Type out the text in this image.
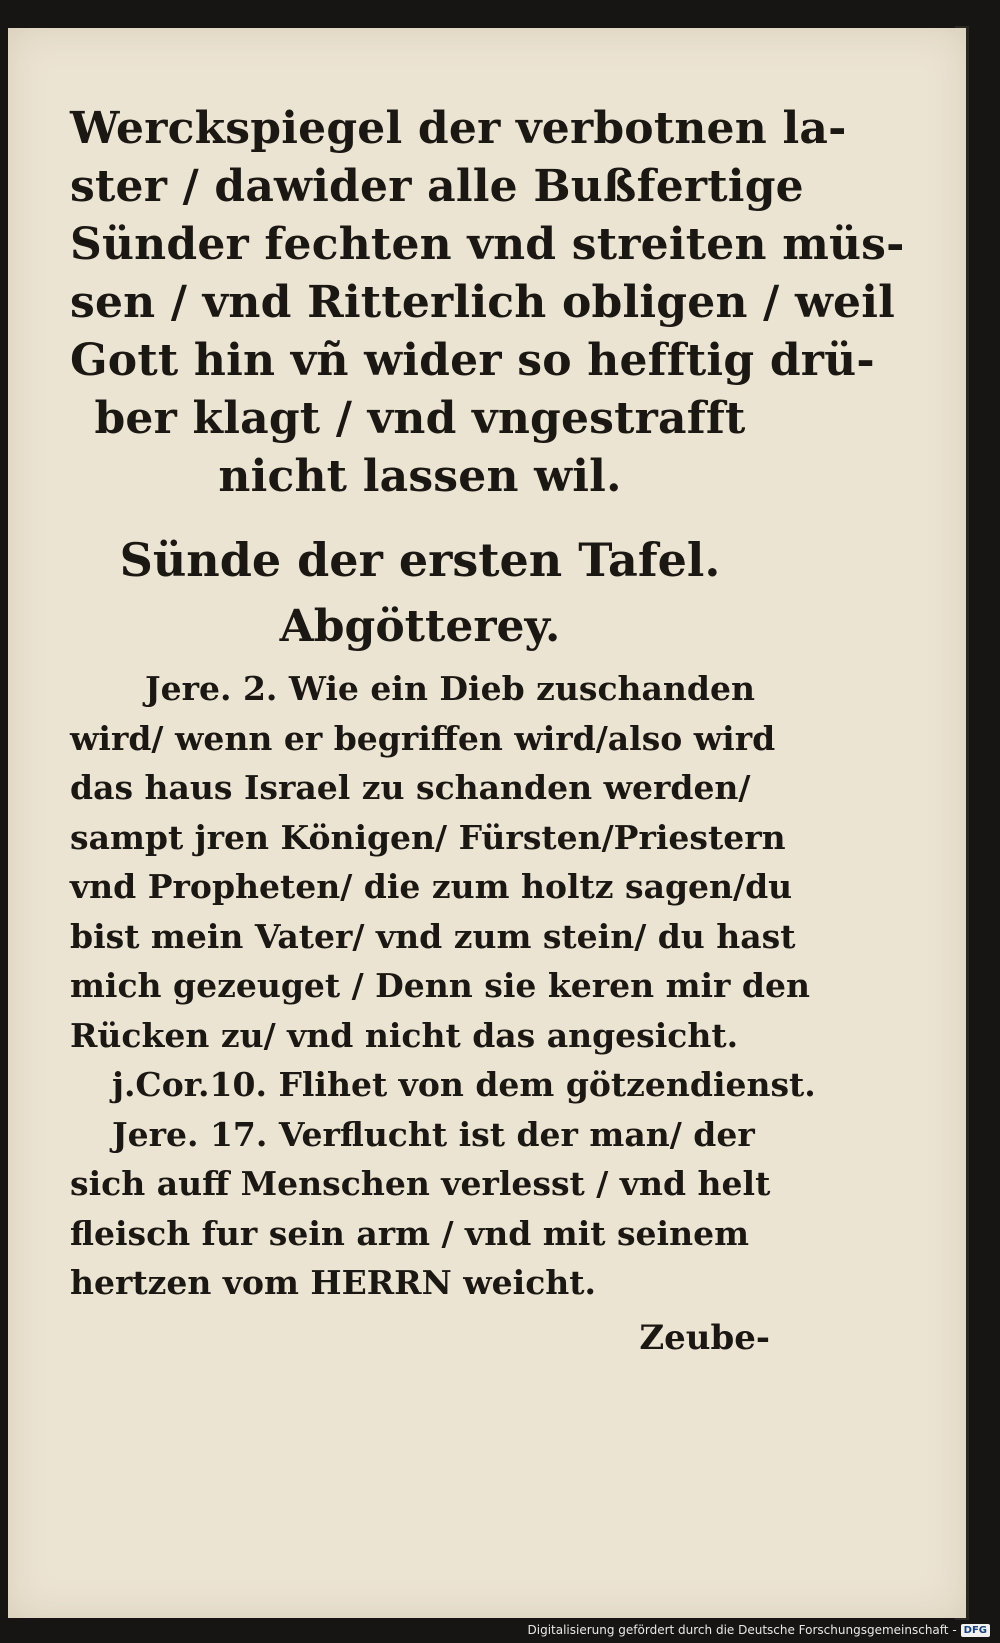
Werckspiegel der verbotnen la-
ster / dawider alle Bußfertige
Sünder fechten vnd streiten müs-
sen / vnd Ritterlich obligen / weil
Gott hin vñ wider so hefftig drü-
ber klagt / vnd vngestrafft
nicht lassen wil.
Sünde der ersten Tafel.
Abgötterey.

Jere. 2. Wie ein Dieb zuschanden
wird/ wenn er begriffen wird/also wird
das haus Israel zu schanden werden/
sampt jren Königen/ Fürsten/Priestern
vnd Propheten/ die zum holtz sagen/du
bist mein Vater/ vnd zum stein/ du hast
mich gezeuget / Denn sie keren mir den
Rücken zu/ vnd nicht das angesicht.

j.Cor.10. Flihet von dem götzendienst.

Jere. 17. Verflucht ist der man/ der
sich auff Menschen verlesst / vnd helt
fleisch fur sein arm / vnd mit seinem
hertzen vom HERRN weicht.

Zeube-
Digitalisierung gefördert durch die Deutsche Forschungsgemeinschaft - DFG
